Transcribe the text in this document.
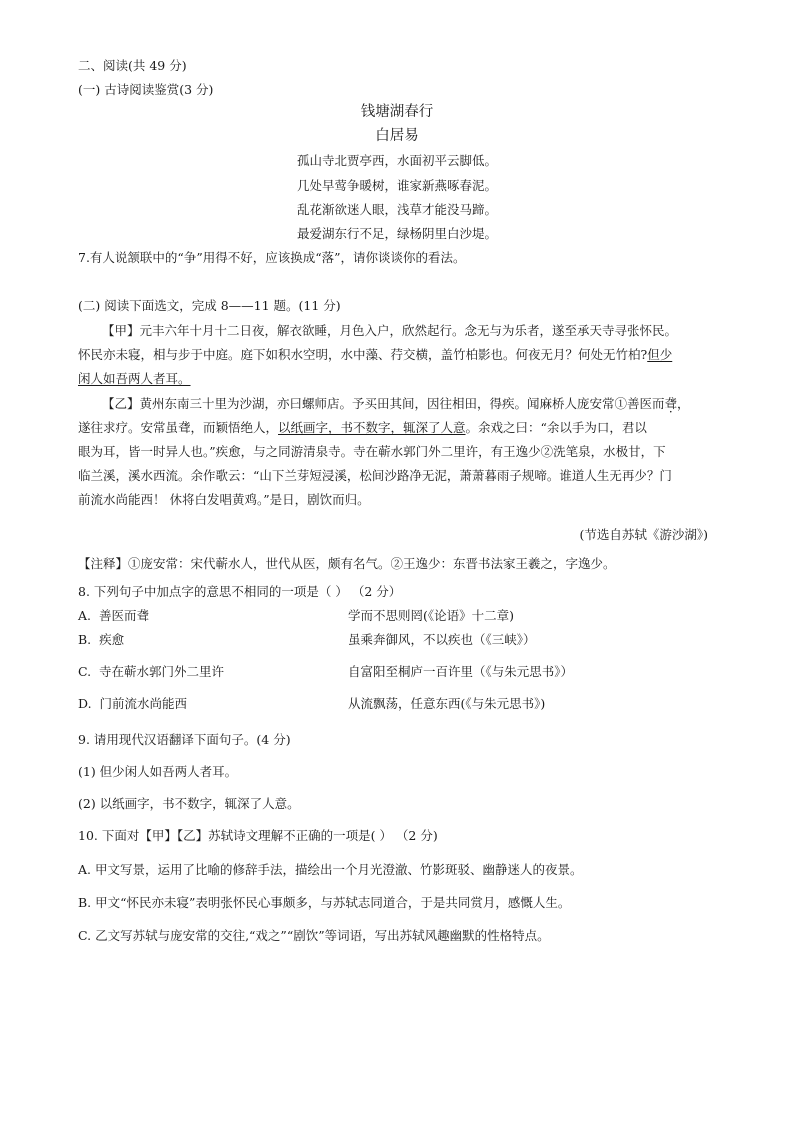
二、阅读(共 49 分)
(一) 古诗阅读鉴赏(3 分)
钱塘湖春行
白居易
孤山寺北贾亭西，水面初平云脚低。
几处早莺争暖树，谁家新燕啄春泥。
乱花渐欲迷人眼，浅草才能没马蹄。
最爱湖东行不足，绿杨阴里白沙堤。
7.有人说颔联中的“争”用得不好，应该换成“落”，请你谈谈你的看法。
(二) 阅读下面选文，完成 8——11 题。(11 分)
【甲】元丰六年十月十二日夜，解衣欲睡，月色入户，欣然起行。念无与为乐者，遂至承天寺寻张怀民。
怀民亦未寝，相与步于中庭。庭下如积水空明，水中藻、荇交横，盖竹柏影也。何夜无月？何处无竹柏?但少
闲人如吾两人者耳。
【乙】黄州东南三十里为沙湖，亦曰螺师店。予买田其间，因往相田，得疾。闻麻桥人庞安常①善医而聋，
遂往求疗。安常虽聋，而颖悟绝人，以纸画字，书不数字，辄深了人意。余戏之曰：“余以手为口，君以
眼为耳，皆一时异人也。”疾愈，与之同游清泉寺。寺在蕲水郭门外二里许，有王逸少②洗笔泉，水极甘，下
临兰溪，溪水西流。余作歌云：“山下兰芽短浸溪，松间沙路净无泥，萧萧暮雨子规啼。谁道人生无再少？门
前流水尚能西！ 休将白发唱黄鸡。”是日，剧饮而归。
(节选自苏轼《游沙湖》)
【注释】①庞安常：宋代蕲水人，世代从医，颇有名气。②王逸少：东晋书法家王羲之，字逸少。
8. 下列句子中加点字的意思不相同的一项是（ ） （2 分）
A. 善医而聋	学而不思则罔(《论语》十二章)
B. 疾愈	虽乘奔御风，不以疾也（《三峡》）
C. 寺在蕲水郭门外二里许	自富阳至桐庐一百许里（《与朱元思书》）
D. 门前流水尚能西	从流飘荡，任意东西(《与朱元思书》)
9. 请用现代汉语翻译下面句子。(4 分)
(1) 但少闲人如吾两人者耳。
(2) 以纸画字，书不数字，辄深了人意。
10. 下面对【甲】【乙】苏轼诗文理解不正确的一项是( ） （2 分)
A. 甲文写景，运用了比喻的修辞手法，描绘出一个月光澄澈、竹影斑驳、幽静迷人的夜景。
B. 甲文“怀民亦未寝”表明张怀民心事颇多，与苏轼志同道合，于是共同赏月，感慨人生。
C. 乙文写苏轼与庞安常的交往,“戏之”“剧饮”等词语，写出苏轼风趣幽默的性格特点。
